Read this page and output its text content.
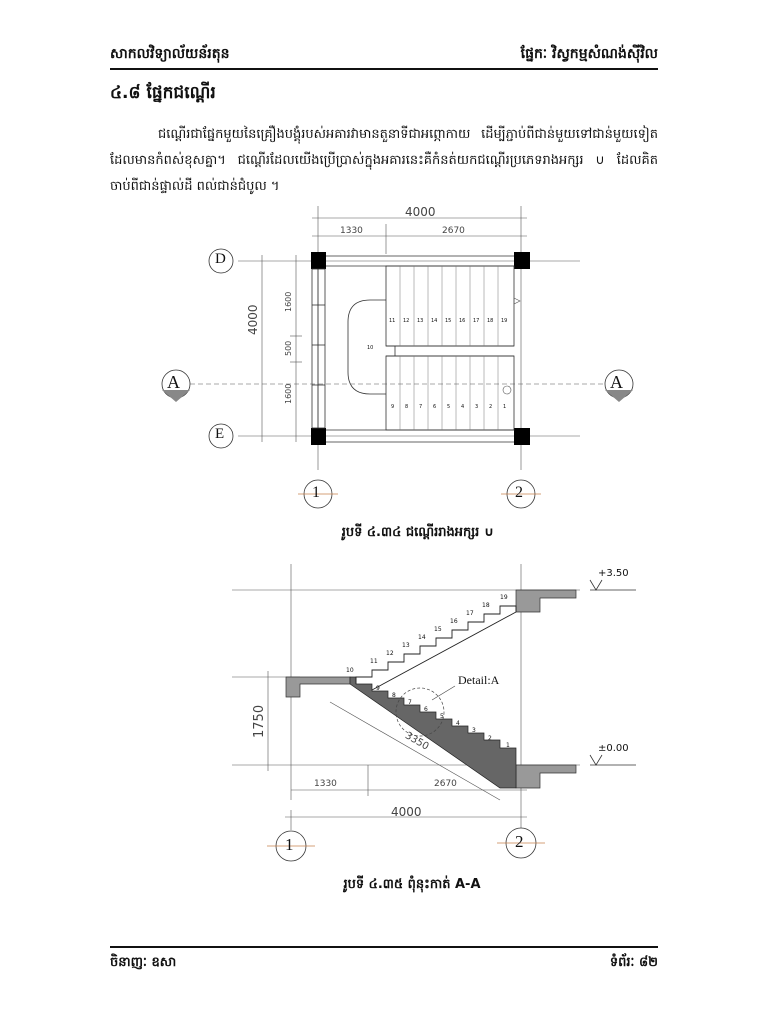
សាកលវិទ្យាល័យន័រតុន	ផ្នែកៈ វិស្វកម្មសំណង់ស៊ីវិល
៤.៨ ផ្នែកជណ្ដើរ
ជណ្ដើរជាផ្នែកមួយនៃគ្រឿងបង្គុំរបស់អគារវាមានតួនាទីជាអព្ភោកាយ ដើម្បីភ្ជាប់ពីជាន់មួយទៅជាន់មួយទៀតដែលមានកំពស់ខុសគ្នា។ ជណ្ដើរដែលយើងប្រើប្រាស់ក្នុងអគារនេះគឺកំនត់យកជណ្ដើរប្រភេទរាងអក្សរ ∪ ដែលគិតចាប់ពីជាន់ផ្ទាល់ដី ពល់ជាន់ជំបូល ។
4000
1330	2670
4000
1600
500
1600
D
E
1	2
A	A
10
11 12 13 14 15 16 17 18 19
9 8 7 6 5 4 3 2 1
រូបទី ៤.៣៤ ជណ្ដើររាងអក្សរ ∪
+3.50
±0.00
Detail:A
1750
3350
1330	2670
4000
1	2
10
11
12
13
14
15
16
17
18
19
9
8
7
6
5
4
3
2
1
រូបទី ៤.៣៥ ពុំនុះកាត់ A-A
ចិនាញៈ ឧសា	ទំព័រៈ ៨២
